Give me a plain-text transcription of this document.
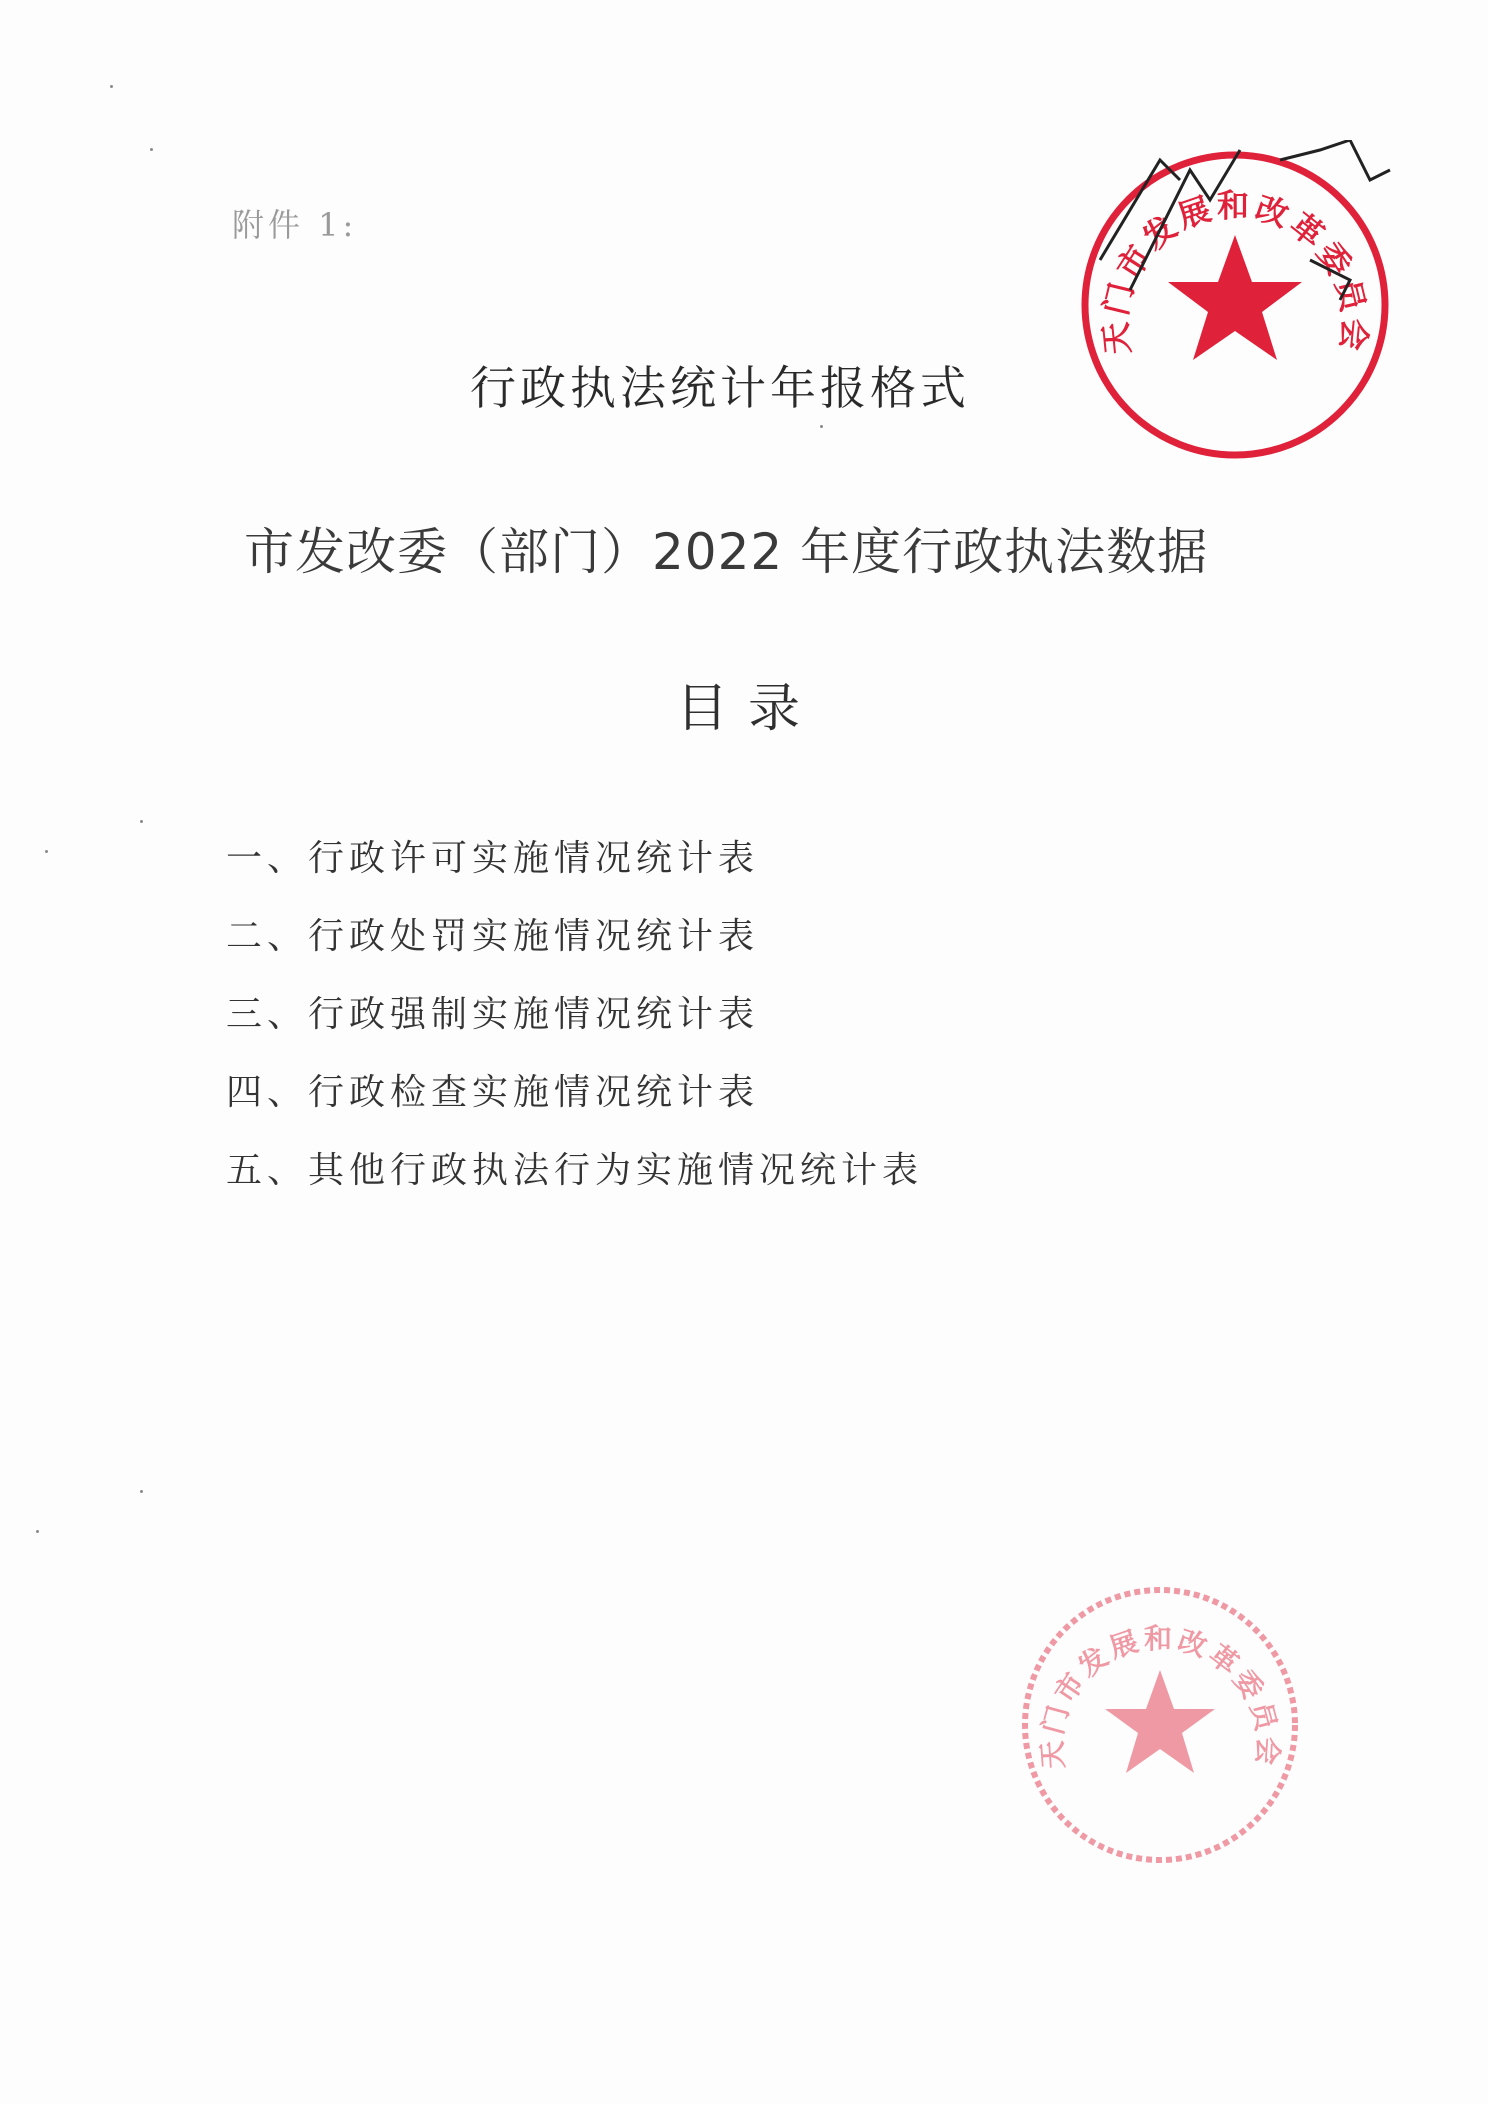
附件 1:
行政执法统计年报格式
市发改委（部门）2022 年度行政执法数据
目录
一、行政许可实施情况统计表
二、行政处罚实施情况统计表
三、行政强制实施情况统计表
四、行政检查实施情况统计表
五、其他行政执法行为实施情况统计表
天门市发展和改革委员会
天门市发展和改革委员会
